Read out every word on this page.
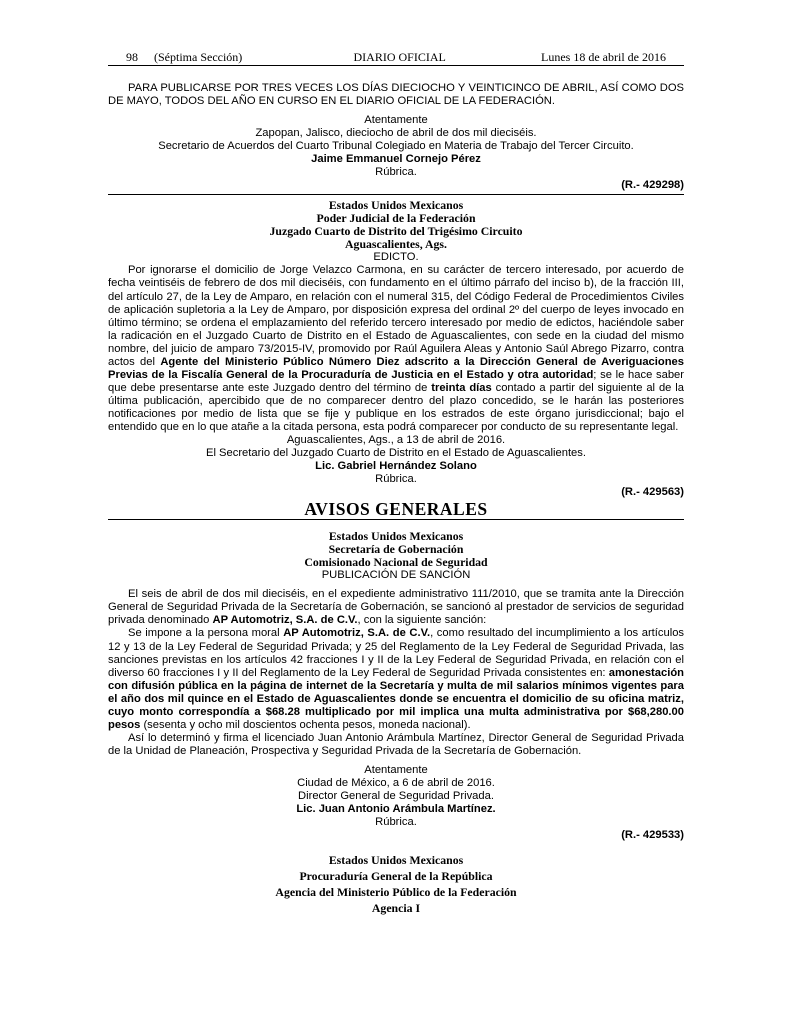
98 (Séptima Sección)	DIARIO OFICIAL	Lunes 18 de abril de 2016

PARA PUBLICARSE POR TRES VECES LOS DÍAS DIECIOCHO Y VEINTICINCO DE ABRIL, ASÍ COMO DOS DE MAYO, TODOS DEL AÑO EN CURSO EN EL DIARIO OFICIAL DE LA FEDERACIÓN.

Atentamente

Zapopan, Jalisco, dieciocho de abril de dos mil dieciséis.

Secretario de Acuerdos del Cuarto Tribunal Colegiado en Materia de Trabajo del Tercer Circuito.

Jaime Emmanuel Cornejo Pérez

Rúbrica.

(R.- 429298)

Estados Unidos Mexicanos

Poder Judicial de la Federación

Juzgado Cuarto de Distrito del Trigésimo Circuito

Aguascalientes, Ags.

EDICTO.

Por ignorarse el domicilio de Jorge Velazco Carmona, en su carácter de tercero interesado, por acuerdo de fecha veintiséis de febrero de dos mil dieciséis, con fundamento en el último párrafo del inciso b), de la fracción III, del artículo 27, de la Ley de Amparo, en relación con el numeral 315, del Código Federal de Procedimientos Civiles de aplicación supletoria a la Ley de Amparo, por disposición expresa del ordinal 2º del cuerpo de leyes invocado en último término; se ordena el emplazamiento del referido tercero interesado por medio de edictos, haciéndole saber la radicación en el Juzgado Cuarto de Distrito en el Estado de Aguascalientes, con sede en la ciudad del mismo nombre, del juicio de amparo 73/2015-IV, promovido por Raúl Aguilera Aleas y Antonio Saúl Abrego Pizarro, contra actos del Agente del Ministerio Público Número Diez adscrito a la Dirección General de Averiguaciones Previas de la Fiscalía General de la Procuraduría de Justicia en el Estado y otra autoridad; se le hace saber que debe presentarse ante este Juzgado dentro del término de treinta días contado a partir del siguiente al de la última publicación, apercibido que de no comparecer dentro del plazo concedido, se le harán las posteriores notificaciones por medio de lista que se fije y publique en los estrados de este órgano jurisdiccional; bajo el entendido que en lo que atañe a la citada persona, esta podrá comparecer por conducto de su representante legal.

Aguascalientes, Ags., a 13 de abril de 2016.

El Secretario del Juzgado Cuarto de Distrito en el Estado de Aguascalientes.

Lic. Gabriel Hernández Solano

Rúbrica.

(R.- 429563)

AVISOS GENERALES

Estados Unidos Mexicanos

Secretaría de Gobernación

Comisionado Nacional de Seguridad

PUBLICACIÓN DE SANCIÓN

El seis de abril de dos mil dieciséis, en el expediente administrativo 111/2010, que se tramita ante la Dirección General de Seguridad Privada de la Secretaría de Gobernación, se sancionó al prestador de servicios de seguridad privada denominado AP Automotriz, S.A. de C.V., con la siguiente sanción:

Se impone a la persona moral AP Automotriz, S.A. de C.V., como resultado del incumplimiento a los artículos 12 y 13 de la Ley Federal de Seguridad Privada; y 25 del Reglamento de la Ley Federal de Seguridad Privada, las sanciones previstas en los artículos 42 fracciones I y II de la Ley Federal de Seguridad Privada, en relación con el diverso 60 fracciones I y II del Reglamento de la Ley Federal de Seguridad Privada consistentes en: amonestación con difusión pública en la página de internet de la Secretaría y multa de mil salarios mínimos vigentes para el año dos mil quince en el Estado de Aguascalientes donde se encuentra el domicilio de su oficina matriz, cuyo monto correspondía a $68.28 multiplicado por mil implica una multa administrativa por $68,280.00 pesos (sesenta y ocho mil doscientos ochenta pesos, moneda nacional).

Así lo determinó y firma el licenciado Juan Antonio Arámbula Martínez, Director General de Seguridad Privada de la Unidad de Planeación, Prospectiva y Seguridad Privada de la Secretaría de Gobernación.

Atentamente

Ciudad de México, a 6 de abril de 2016.

Director General de Seguridad Privada.

Lic. Juan Antonio Arámbula Martínez.

Rúbrica.

(R.- 429533)

Estados Unidos Mexicanos

Procuraduría General de la República

Agencia del Ministerio Público de la Federación

Agencia I
